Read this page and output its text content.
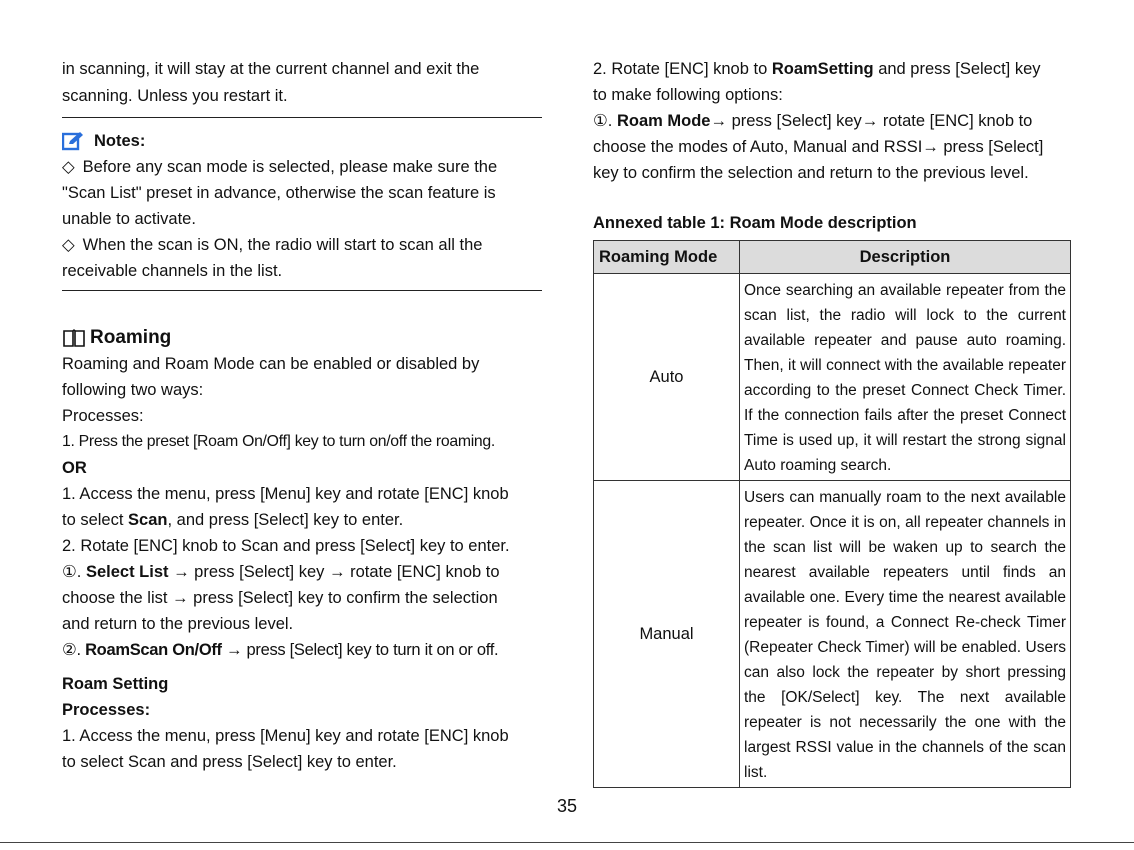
in scanning, it will stay at the current channel and exit the
scanning. Unless you restart it.
Notes:
◇ Before any scan mode is selected, please make sure the
"Scan List" preset in advance, otherwise the scan feature is
unable to activate.
◇ When the scan is ON, the radio will start to scan all the
receivable channels in the list.
Roaming
Roaming and Roam Mode can be enabled or disabled by
following two ways:
Processes:
1. Press the preset [Roam On/Off] key to turn on/off the roaming.
OR
1. Access the menu, press [Menu] key and rotate [ENC] knob
to select Scan, and press [Select] key to enter.
2. Rotate [ENC] knob to Scan and press [Select] key to enter.
①. Select List → press [Select] key → rotate [ENC] knob to
choose the list → press [Select] key to confirm the selection
and return to the previous level.
②. RoamScan On/Off → press [Select] key to turn it on or off.
Roam Setting
Processes:
1. Access the menu, press [Menu] key and rotate [ENC] knob
to select Scan and press [Select] key to enter.
2. Rotate [ENC] knob to RoamSetting and press [Select] key
to make following options:
①. Roam Mode→ press [Select] key→ rotate [ENC] knob to
choose the modes of Auto, Manual and RSSI→ press [Select]
key to confirm the selection and return to the previous level.
Annexed table 1: Roam Mode description
Roaming Mode	Description
Auto	Once searching an available repeater from the scan list, the radio will lock to the current available repeater and pause auto roaming. Then, it will connect with the available repeater according to the preset Connect Check Timer. If the connection fails after the preset Connect Time is used up, it will restart the strong signal Auto roaming search.
Manual	Users can manually roam to the next available repeater. Once it is on, all repeater channels in the scan list will be waken up to search the nearest available repeaters until finds an available one. Every time the nearest available repeater is found, a Connect Re-check Timer (Repeater Check Timer) will be enabled. Users can also lock the repeater by short pressing the [OK/Select] key. The next available repeater is not necessarily the one with the largest RSSI value in the channels of the scan list.
35
